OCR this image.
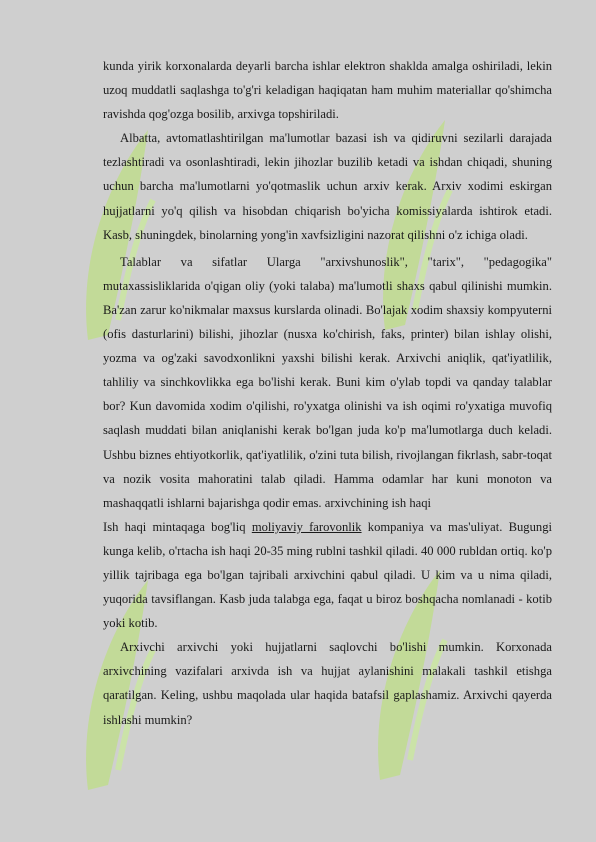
kunda yirik korxonalarda deyarli barcha ishlar elektron shaklda amalga oshiriladi, lekin uzoq muddatli saqlashga to'g'ri keladigan haqiqatan ham muhim materiallar qo'shimcha ravishda qog'ozga bosilib, arxivga topshiriladi.

Albatta, avtomatlashtirilgan ma'lumotlar bazasi ish va qidiruvni sezilarli darajada tezlashtiradi va osonlashtiradi, lekin jihozlar buzilib ketadi va ishdan chiqadi, shuning uchun barcha ma'lumotlarni yo'qotmaslik uchun arxiv kerak. Arxiv xodimi eskirgan hujjatlarni yo'q qilish va hisobdan chiqarish bo'yicha komissiyalarda ishtirok etadi. Kasb, shuningdek, binolarning yong'in xavfsizligini nazorat qilishni o'z ichiga oladi.

Talablar va sifatlar Ularga "arxivshunoslik", "tarix", "pedagogika" mutaxassisliklarida o'qigan oliy (yoki talaba) ma'lumotli shaxs qabul qilinishi mumkin. Ba'zan zarur ko'nikmalar maxsus kurslarda olinadi. Bo'lajak xodim shaxsiy kompyuterni (ofis dasturlarini) bilishi, jihozlar (nusxa ko'chirish, faks, printer) bilan ishlay olishi, yozma va og'zaki savodxonlikni yaxshi bilishi kerak. Arxivchi aniqlik, qat'iyatlilik, tahliliy va sinchkovlikka ega bo'lishi kerak. Buni kim o'ylab topdi va qanday talablar bor? Kun davomida xodim o'qilishi, ro'yxatga olinishi va ish oqimi ro'yxatiga muvofiq saqlash muddati bilan aniqlanishi kerak bo'lgan juda ko'p ma'lumotlarga duch keladi. Ushbu biznes ehtiyotkorlik, qat'iyatlilik, o'zini tuta bilish, rivojlangan fikrlash, sabr-toqat va nozik vosita mahoratini talab qiladi. Hamma odamlar har kuni monoton va mashaqqatli ishlarni bajarishga qodir emas. arxivchining ish haqi

Ish haqi mintaqaga bog'liq moliyaviy farovonlik kompaniya va mas'uliyat. Bugungi kunga kelib, o'rtacha ish haqi 20-35 ming rublni tashkil qiladi. 40 000 rubldan ortiq. ko'p yillik tajribaga ega bo'lgan tajribali arxivchini qabul qiladi. U kim va u nima qiladi, yuqorida tavsiflangan. Kasb juda talabga ega, faqat u biroz boshqacha nomlanadi - kotib yoki kotib.

Arxivchi arxivchi yoki hujjatlarni saqlovchi bo'lishi mumkin. Korxonada arxivchining vazifalari arxivda ish va hujjat aylanishini malakali tashkil etishga qaratilgan. Keling, ushbu maqolada ular haqida batafsil gaplashamiz. Arxivchi qayerda ishlashi mumkin?
